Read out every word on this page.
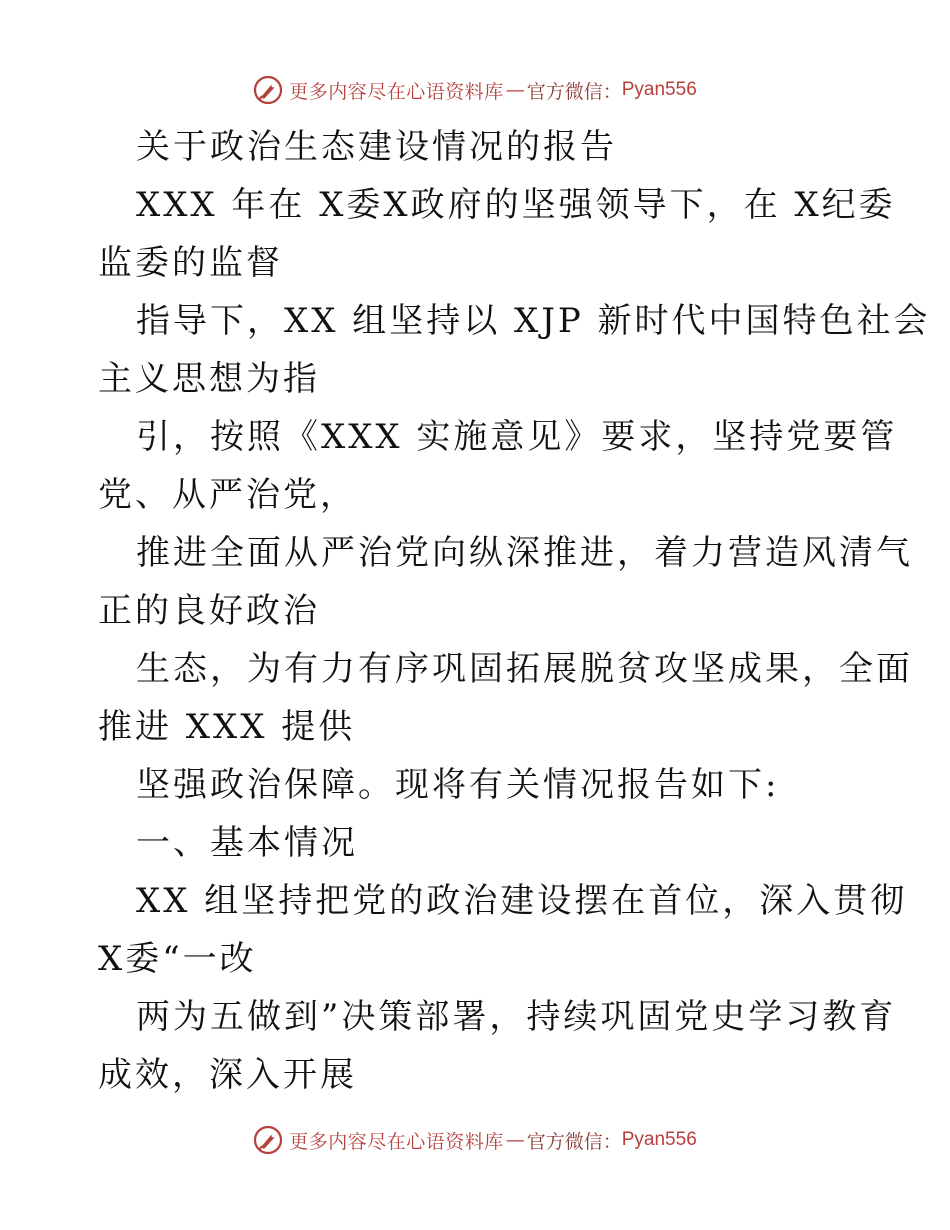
更多内容尽在心语资料库 — 官方微信： Pyan556
关于政治生态建设情况的报告
XXX 年在 X委X政府的坚强领导下，在 X纪委
监委的监督
指导下，XX 组坚持以 XJP 新时代中国特色社会
主义思想为指
引，按照《XXX 实施意见》要求，坚持党要管
党、从严治党，
推进全面从严治党向纵深推进，着力营造风清气
正的良好政治
生态，为有力有序巩固拓展脱贫攻坚成果，全面
推进 XXX 提供
坚强政治保障。现将有关情况报告如下:
一、基本情况
XX 组坚持把党的政治建设摆在首位，深入贯彻
X委“一改
两为五做到”决策部署，持续巩固党史学习教育
成效，深入开展
更多内容尽在心语资料库 — 官方微信： Pyan556
